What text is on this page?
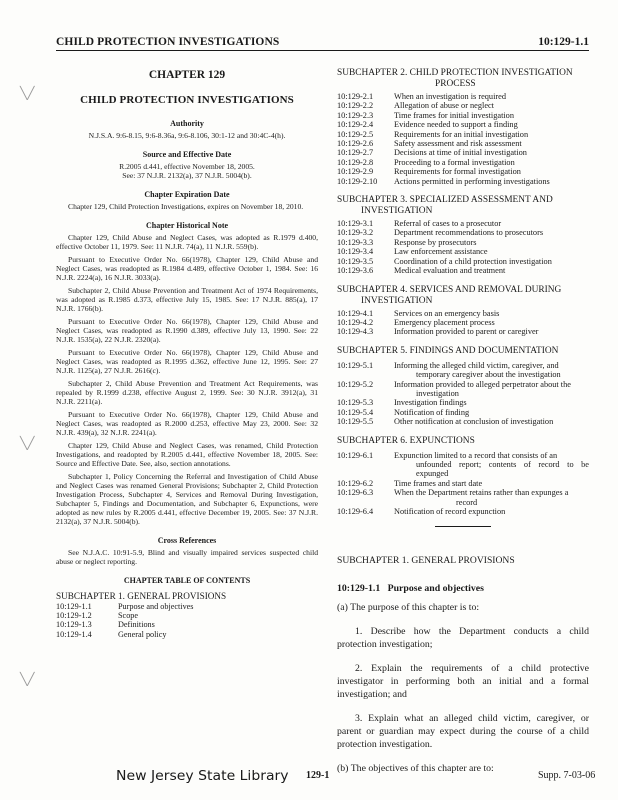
CHILD PROTECTION INVESTIGATIONS	10:129-1.1

CHAPTER 129

CHILD PROTECTION INVESTIGATIONS
Authority

N.J.S.A. 9:6-8.15, 9:6-8.36a, 9:6-8.106, 30:1-12 and 30:4C-4(h).

Source and Effective Date

R.2005 d.441, effective November 18, 2005.

See: 37 N.J.R. 2132(a), 37 N.J.R. 5004(b).

Chapter Expiration Date

Chapter 129, Child Protection Investigations, expires on November 18, 2010.

Chapter Historical Note

Chapter 129, Child Abuse and Neglect Cases, was adopted as R.1979 d.400, effective October 11, 1979. See: 11 N.J.R. 74(a), 11 N.J.R. 559(b).

Pursuant to Executive Order No. 66(1978), Chapter 129, Child Abuse and Neglect Cases, was readopted as R.1984 d.489, effective October 1, 1984. See: 16 N.J.R. 2224(a), 16 N.J.R. 3033(a).

Subchapter 2, Child Abuse Prevention and Treatment Act of 1974 Requirements, was adopted as R.1985 d.373, effective July 15, 1985. See: 17 N.J.R. 885(a), 17 N.J.R. 1766(b).

Pursuant to Executive Order No. 66(1978), Chapter 129, Child Abuse and Neglect Cases, was readopted as R.1990 d.389, effective July 13, 1990. See: 22 N.J.R. 1535(a), 22 N.J.R. 2320(a).

Pursuant to Executive Order No. 66(1978), Chapter 129, Child Abuse and Neglect Cases, was readopted as R.1995 d.362, effective June 12, 1995. See: 27 N.J.R. 1125(a), 27 N.J.R. 2616(c).

Subchapter 2, Child Abuse Prevention and Treatment Act Requirements, was repealed by R.1999 d.238, effective August 2, 1999. See: 30 N.J.R. 3912(a), 31 N.J.R. 2211(a).

Pursuant to Executive Order No. 66(1978), Chapter 129, Child Abuse and Neglect Cases, was readopted as R.2000 d.253, effective May 23, 2000. See: 32 N.J.R. 439(a), 32 N.J.R. 2241(a).

Chapter 129, Child Abuse and Neglect Cases, was renamed, Child Protection Investigations, and readopted by R.2005 d.441, effective November 18, 2005. See: Source and Effective Date. See, also, section annotations.

Subchapter 1, Policy Concerning the Referral and Investigation of Child Abuse and Neglect Cases was renamed General Provisions; Subchapter 2, Child Protection Investigation Process, Subchapter 4, Services and Removal During Investigation, Subchapter 5, Findings and Documentation, and Subchapter 6, Expunctions, were adopted as new rules by R.2005 d.441, effective December 19, 2005. See: 37 N.J.R. 2132(a), 37 N.J.R. 5004(b).

Cross References

See N.J.A.C. 10:91-5.9, Blind and visually impaired services suspected child abuse or neglect reporting.

CHAPTER TABLE OF CONTENTS

SUBCHAPTER 1. GENERAL PROVISIONS

10:129-1.1	Purpose and objectives
10:129-1.2	Scope
10:129-1.3	Definitions
10:129-1.4	General policy

SUBCHAPTER 2. CHILD PROTECTION INVESTIGATION
PROCESS

10:129-2.1	When an investigation is required
10:129-2.2	Allegation of abuse or neglect
10:129-2.3	Time frames for initial investigation
10:129-2.4	Evidence needed to support a finding
10:129-2.5	Requirements for an initial investigation
10:129-2.6	Safety assessment and risk assessment
10:129-2.7	Decisions at time of initial investigation
10:129-2.8	Proceeding to a formal investigation
10:129-2.9	Requirements for formal investigation
10:129-2.10	Actions permitted in performing investigations

SUBCHAPTER 3. SPECIALIZED ASSESSMENT AND
INVESTIGATION

10:129-3.1	Referral of cases to a prosecutor
10:129-3.2	Department recommendations to prosecutors
10:129-3.3	Response by prosecutors
10:129-3.4	Law enforcement assistance
10:129-3.5	Coordination of a child protection investigation
10:129-3.6	Medical evaluation and treatment

SUBCHAPTER 4. SERVICES AND REMOVAL DURING
INVESTIGATION

10:129-4.1	Services on an emergency basis
10:129-4.2	Emergency placement process
10:129-4.3	Information provided to parent or caregiver

SUBCHAPTER 5. FINDINGS AND DOCUMENTATION

10:129-5.1	Informing the alleged child victim, caregiver, and
temporary caregiver about the investigation
10:129-5.2	Information provided to alleged perpetrator about the
investigation
10:129-5.3	Investigation findings
10:129-5.4	Notification of finding
10:129-5.5	Other notification at conclusion of investigation

SUBCHAPTER 6. EXPUNCTIONS

10:129-6.1	Expunction limited to a record that consists of an
unfounded report; contents of record to be expunged
10:129-6.2	Time frames and start date
10:129-6.3	When the Department retains rather than expunges a
record
10:129-6.4	Notification of record expunction

SUBCHAPTER 1. GENERAL PROVISIONS

10:129-1.1 Purpose and objectives

(a) The purpose of this chapter is to:

1. Describe how the Department conducts a child protection investigation;

2. Explain the requirements of a child protective investigator in performing both an initial and a formal investigation; and

3. Explain what an alleged child victim, caregiver, or parent or guardian may expect during the course of a child protection investigation.

(b) The objectives of this chapter are to:

╲╱
╲╱
╲╱
New Jersey State Library 129-1	Supp. 7-03-06
